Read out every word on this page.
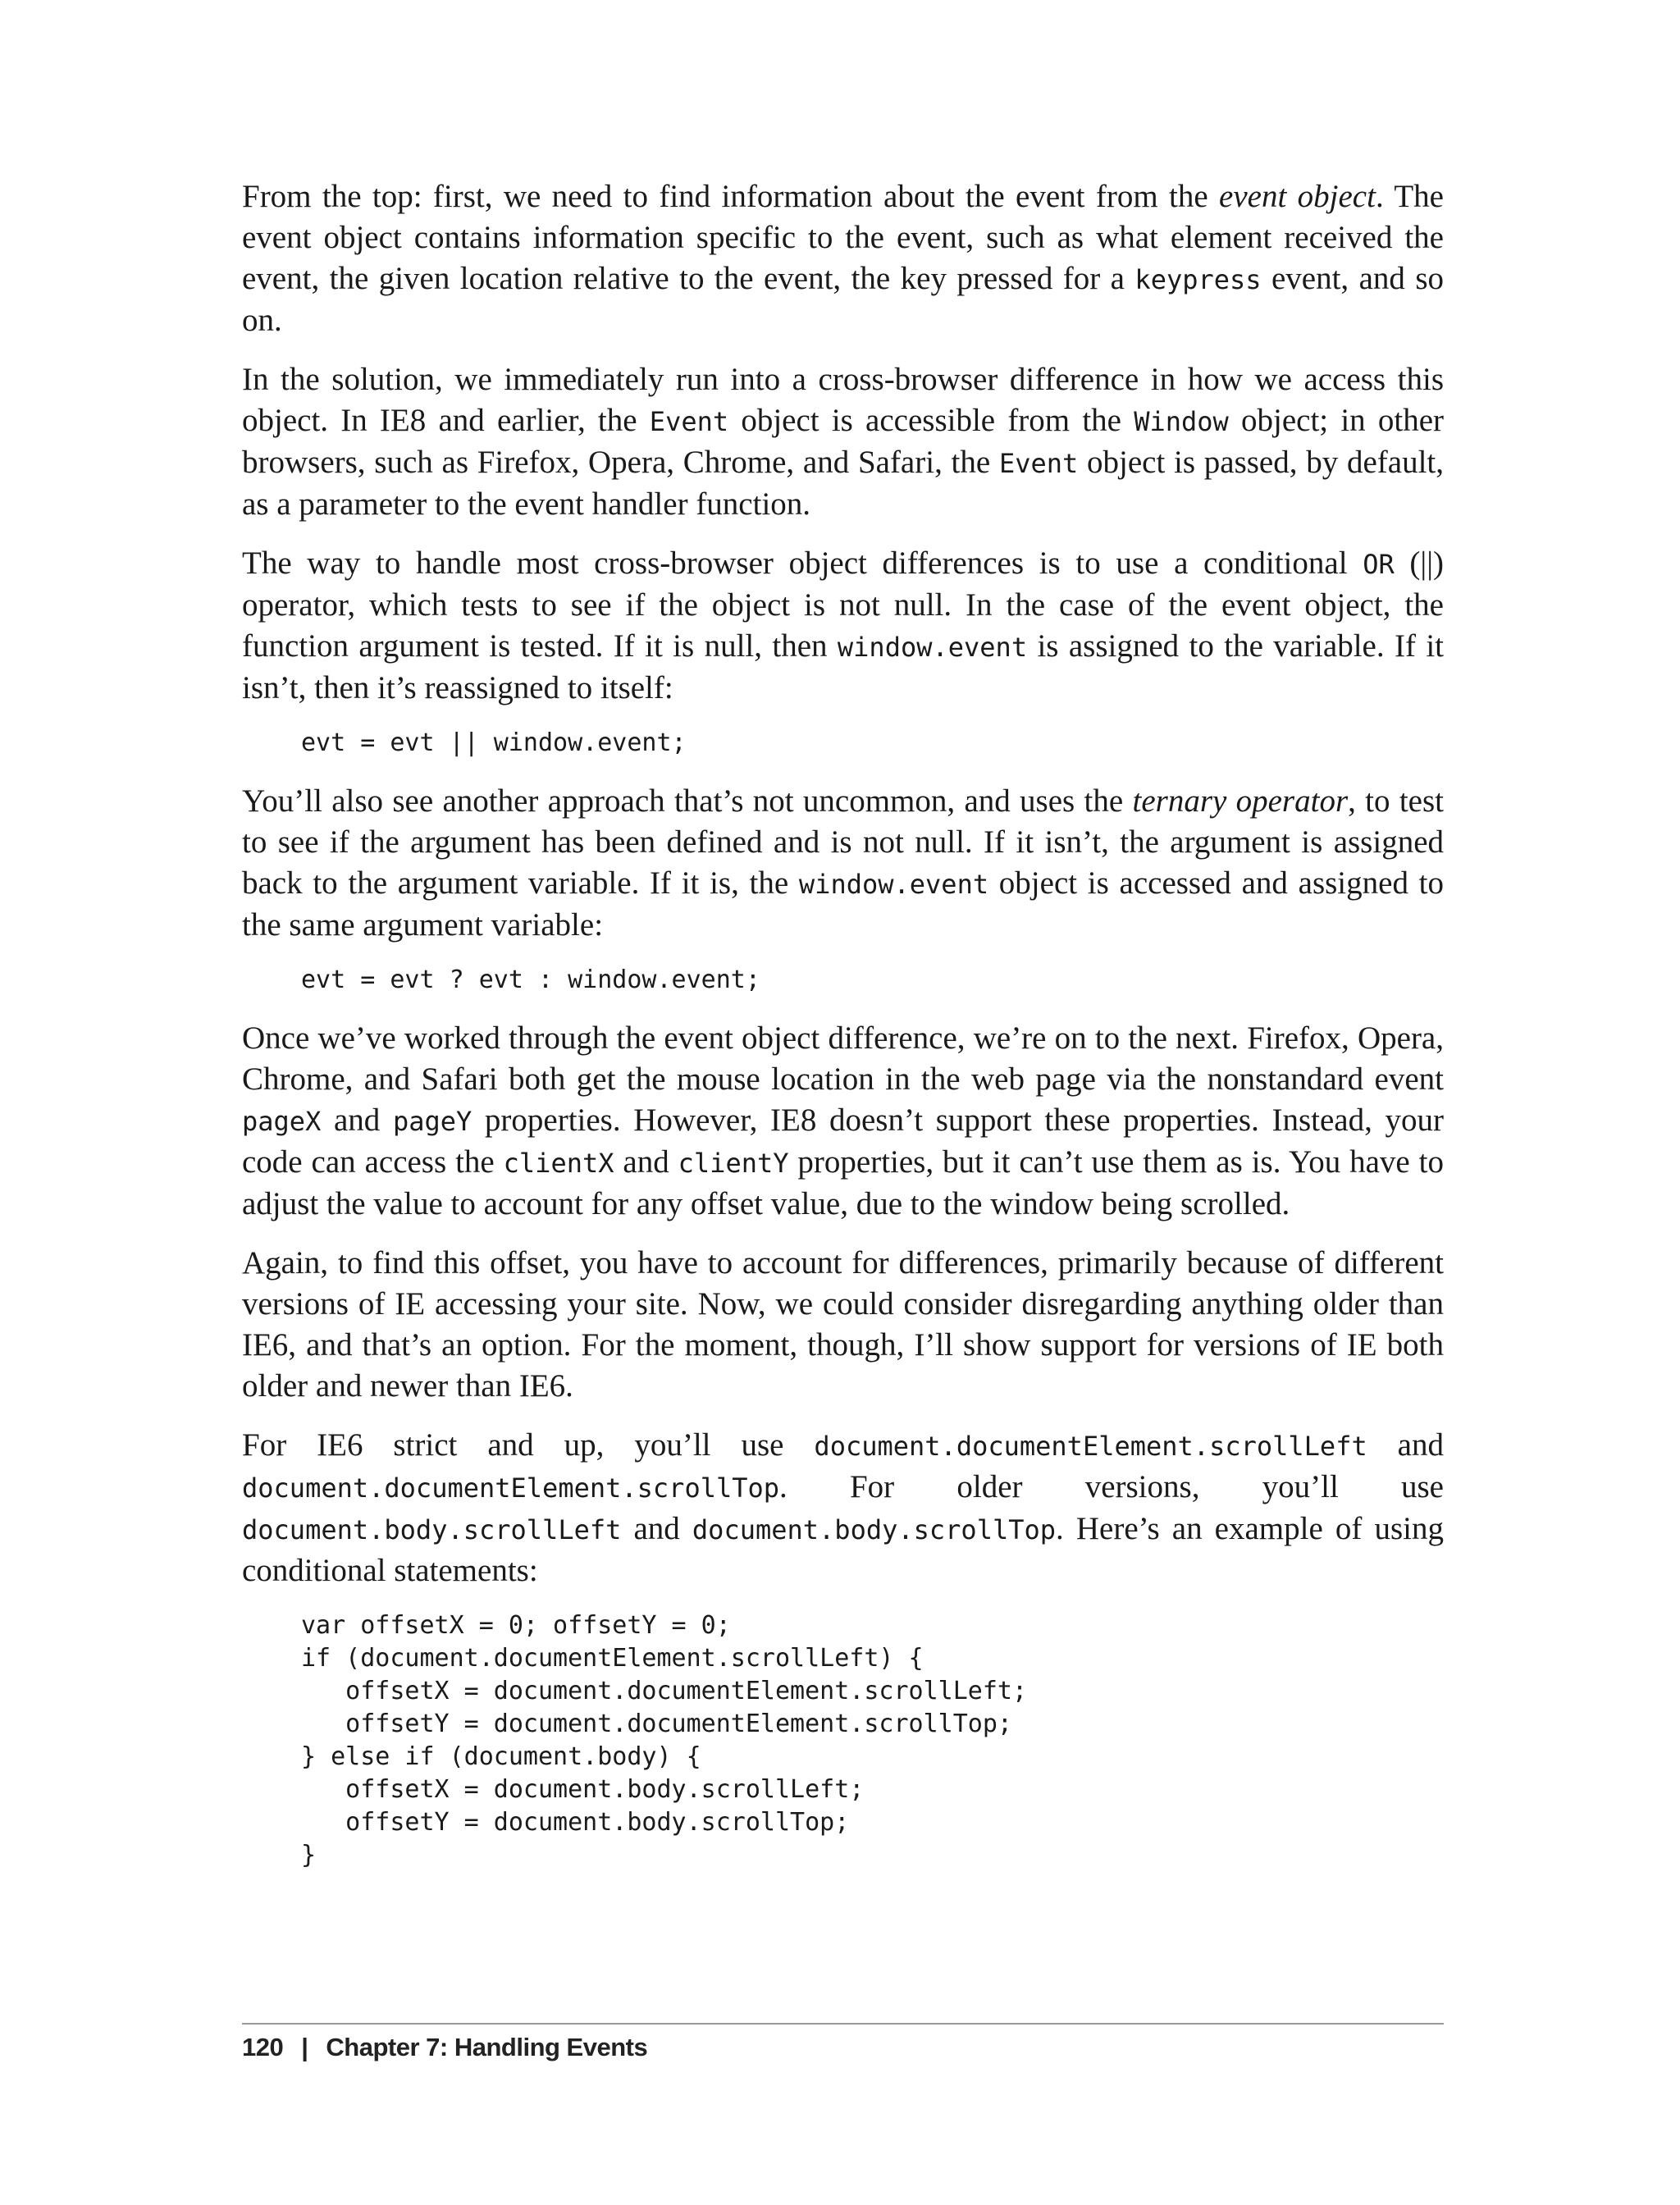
From the top: first, we need to find information about the event from the event object. The event object contains information specific to the event, such as what element received the event, the given location relative to the event, the key pressed for a keypress event, and so on.

In the solution, we immediately run into a cross-browser difference in how we access this object. In IE8 and earlier, the Event object is accessible from the Window object; in other browsers, such as Firefox, Opera, Chrome, and Safari, the Event object is passed, by default, as a parameter to the event handler function.

The way to handle most cross-browser object differences is to use a conditional OR (||) operator, which tests to see if the object is not null. In the case of the event object, the function argument is tested. If it is null, then window.event is assigned to the variable. If it isn’t, then it’s reassigned to itself:

evt = evt || window.event;

You’ll also see another approach that’s not uncommon, and uses the ternary operator, to test to see if the argument has been defined and is not null. If it isn’t, the argument is assigned back to the argument variable. If it is, the window.event object is accessed and assigned to the same argument variable:

evt = evt ? evt : window.event;

Once we’ve worked through the event object difference, we’re on to the next. Firefox, Opera, Chrome, and Safari both get the mouse location in the web page via the nonstandard event pageX and pageY properties. However, IE8 doesn’t support these properties. Instead, your code can access the clientX and clientY properties, but it can’t use them as is. You have to adjust the value to account for any offset value, due to the window being scrolled.

Again, to find this offset, you have to account for differences, primarily because of different versions of IE accessing your site. Now, we could consider disregarding anything older than IE6, and that’s an option. For the moment, though, I’ll show support for versions of IE both older and newer than IE6.

For IE6 strict and up, you’ll use document.documentElement.scrollLeft and document.documentElement.scrollTop. For older versions, you’ll use document.body.scrollLeft and document.body.scrollTop. Here’s an example of using conditional statements:

var offsetX = 0; offsetY = 0;
if (document.documentElement.scrollLeft) {
offsetX = document.documentElement.scrollLeft;
offsetY = document.documentElement.scrollTop;
} else if (document.body) {
offsetX = document.body.scrollLeft;
offsetY = document.body.scrollTop;
}
120 | Chapter 7: Handling Events
